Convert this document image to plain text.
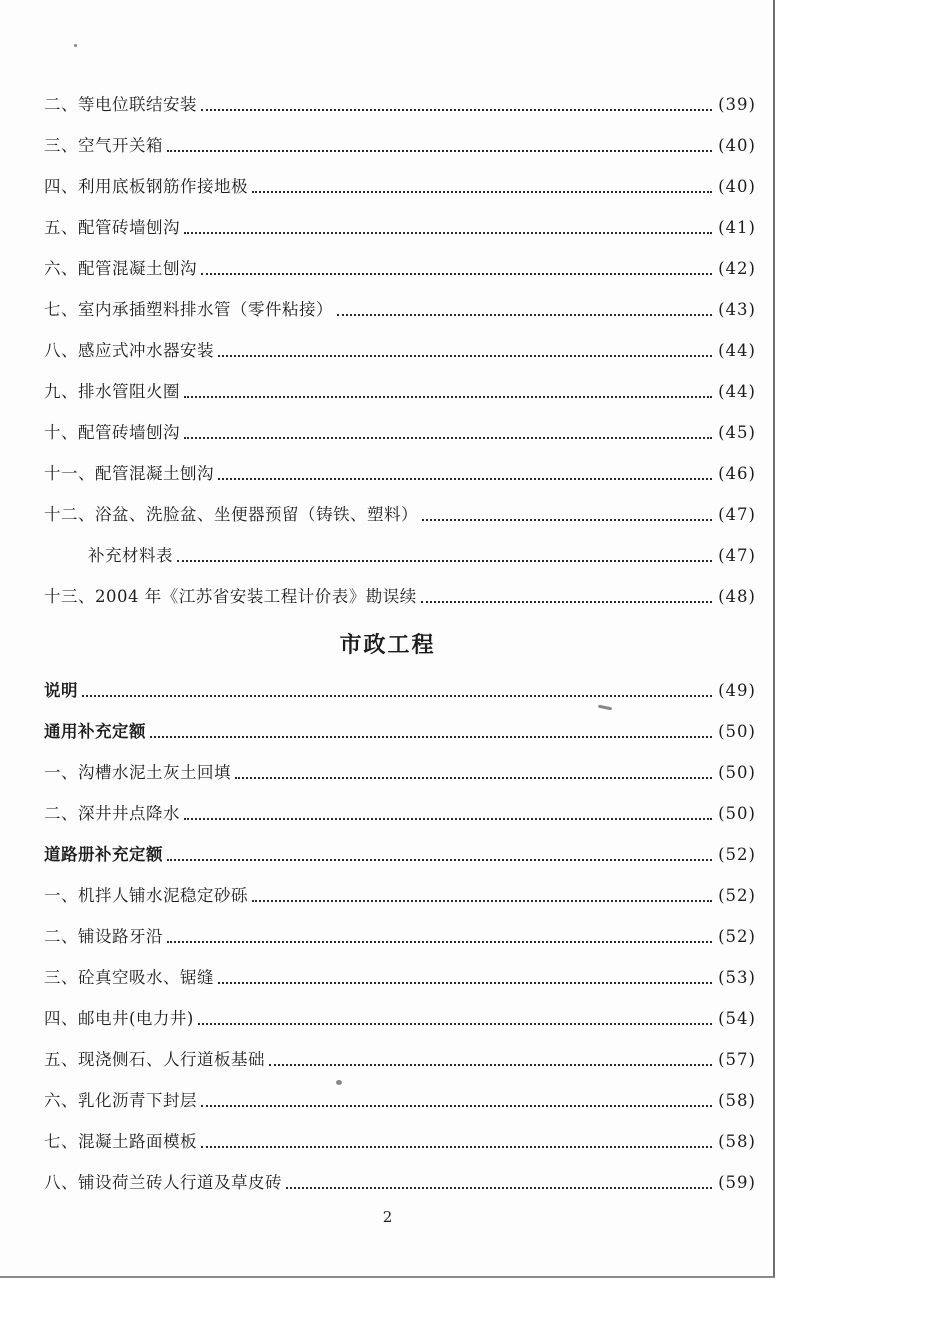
二、等电位联结安装	(39)
三、空气开关箱	(40)
四、利用底板钢筋作接地极	(40)
五、配管砖墙刨沟	(41)
六、配管混凝土刨沟	(42)
七、室内承插塑料排水管（零件粘接）	(43)
八、感应式冲水器安装	(44)
九、排水管阻火圈	(44)
十、配管砖墙刨沟	(45)
十一、配管混凝土刨沟	(46)
十二、浴盆、洗脸盆、坐便器预留（铸铁、塑料）	(47)
补充材料表	(47)
十三、2004 年《江苏省安装工程计价表》勘误续	(48)
市政工程
说明	(49)
通用补充定额	(50)
一、沟槽水泥土灰土回填	(50)
二、深井井点降水	(50)
道路册补充定额	(52)
一、机拌人铺水泥稳定砂砾	(52)
二、铺设路牙沿	(52)
三、砼真空吸水、锯缝	(53)
四、邮电井(电力井)	(54)
五、现浇侧石、人行道板基础	(57)
六、乳化沥青下封层	(58)
七、混凝土路面模板	(58)
八、铺设荷兰砖人行道及草皮砖	(59)
2
